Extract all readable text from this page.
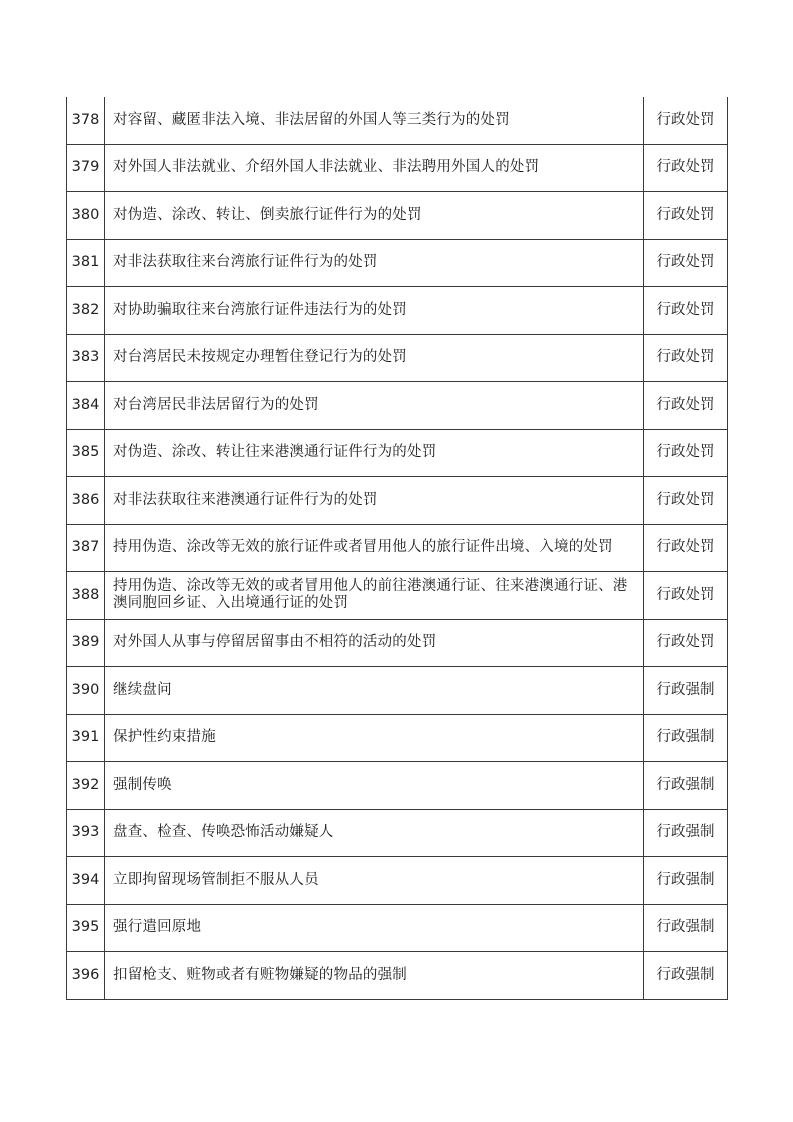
378	对容留、藏匿非法入境、非法居留的外国人等三类行为的处罚	行政处罚
379	对外国人非法就业、介绍外国人非法就业、非法聘用外国人的处罚	行政处罚
380	对伪造、涂改、转让、倒卖旅行证件行为的处罚	行政处罚
381	对非法获取往来台湾旅行证件行为的处罚	行政处罚
382	对协助骗取往来台湾旅行证件违法行为的处罚	行政处罚
383	对台湾居民未按规定办理暂住登记行为的处罚	行政处罚
384	对台湾居民非法居留行为的处罚	行政处罚
385	对伪造、涂改、转让往来港澳通行证件行为的处罚	行政处罚
386	对非法获取往来港澳通行证件行为的处罚	行政处罚
387	持用伪造、涂改等无效的旅行证件或者冒用他人的旅行证件出境、入境的处罚	行政处罚
388	持用伪造、涂改等无效的或者冒用他人的前往港澳通行证、往来港澳通行证、港澳同胞回乡证、入出境通行证的处罚	行政处罚
389	对外国人从事与停留居留事由不相符的活动的处罚	行政处罚
390	继续盘问	行政强制
391	保护性约束措施	行政强制
392	强制传唤	行政强制
393	盘查、检查、传唤恐怖活动嫌疑人	行政强制
394	立即拘留现场管制拒不服从人员	行政强制
395	强行遣回原地	行政强制
396	扣留枪支、赃物或者有赃物嫌疑的物品的强制	行政强制
